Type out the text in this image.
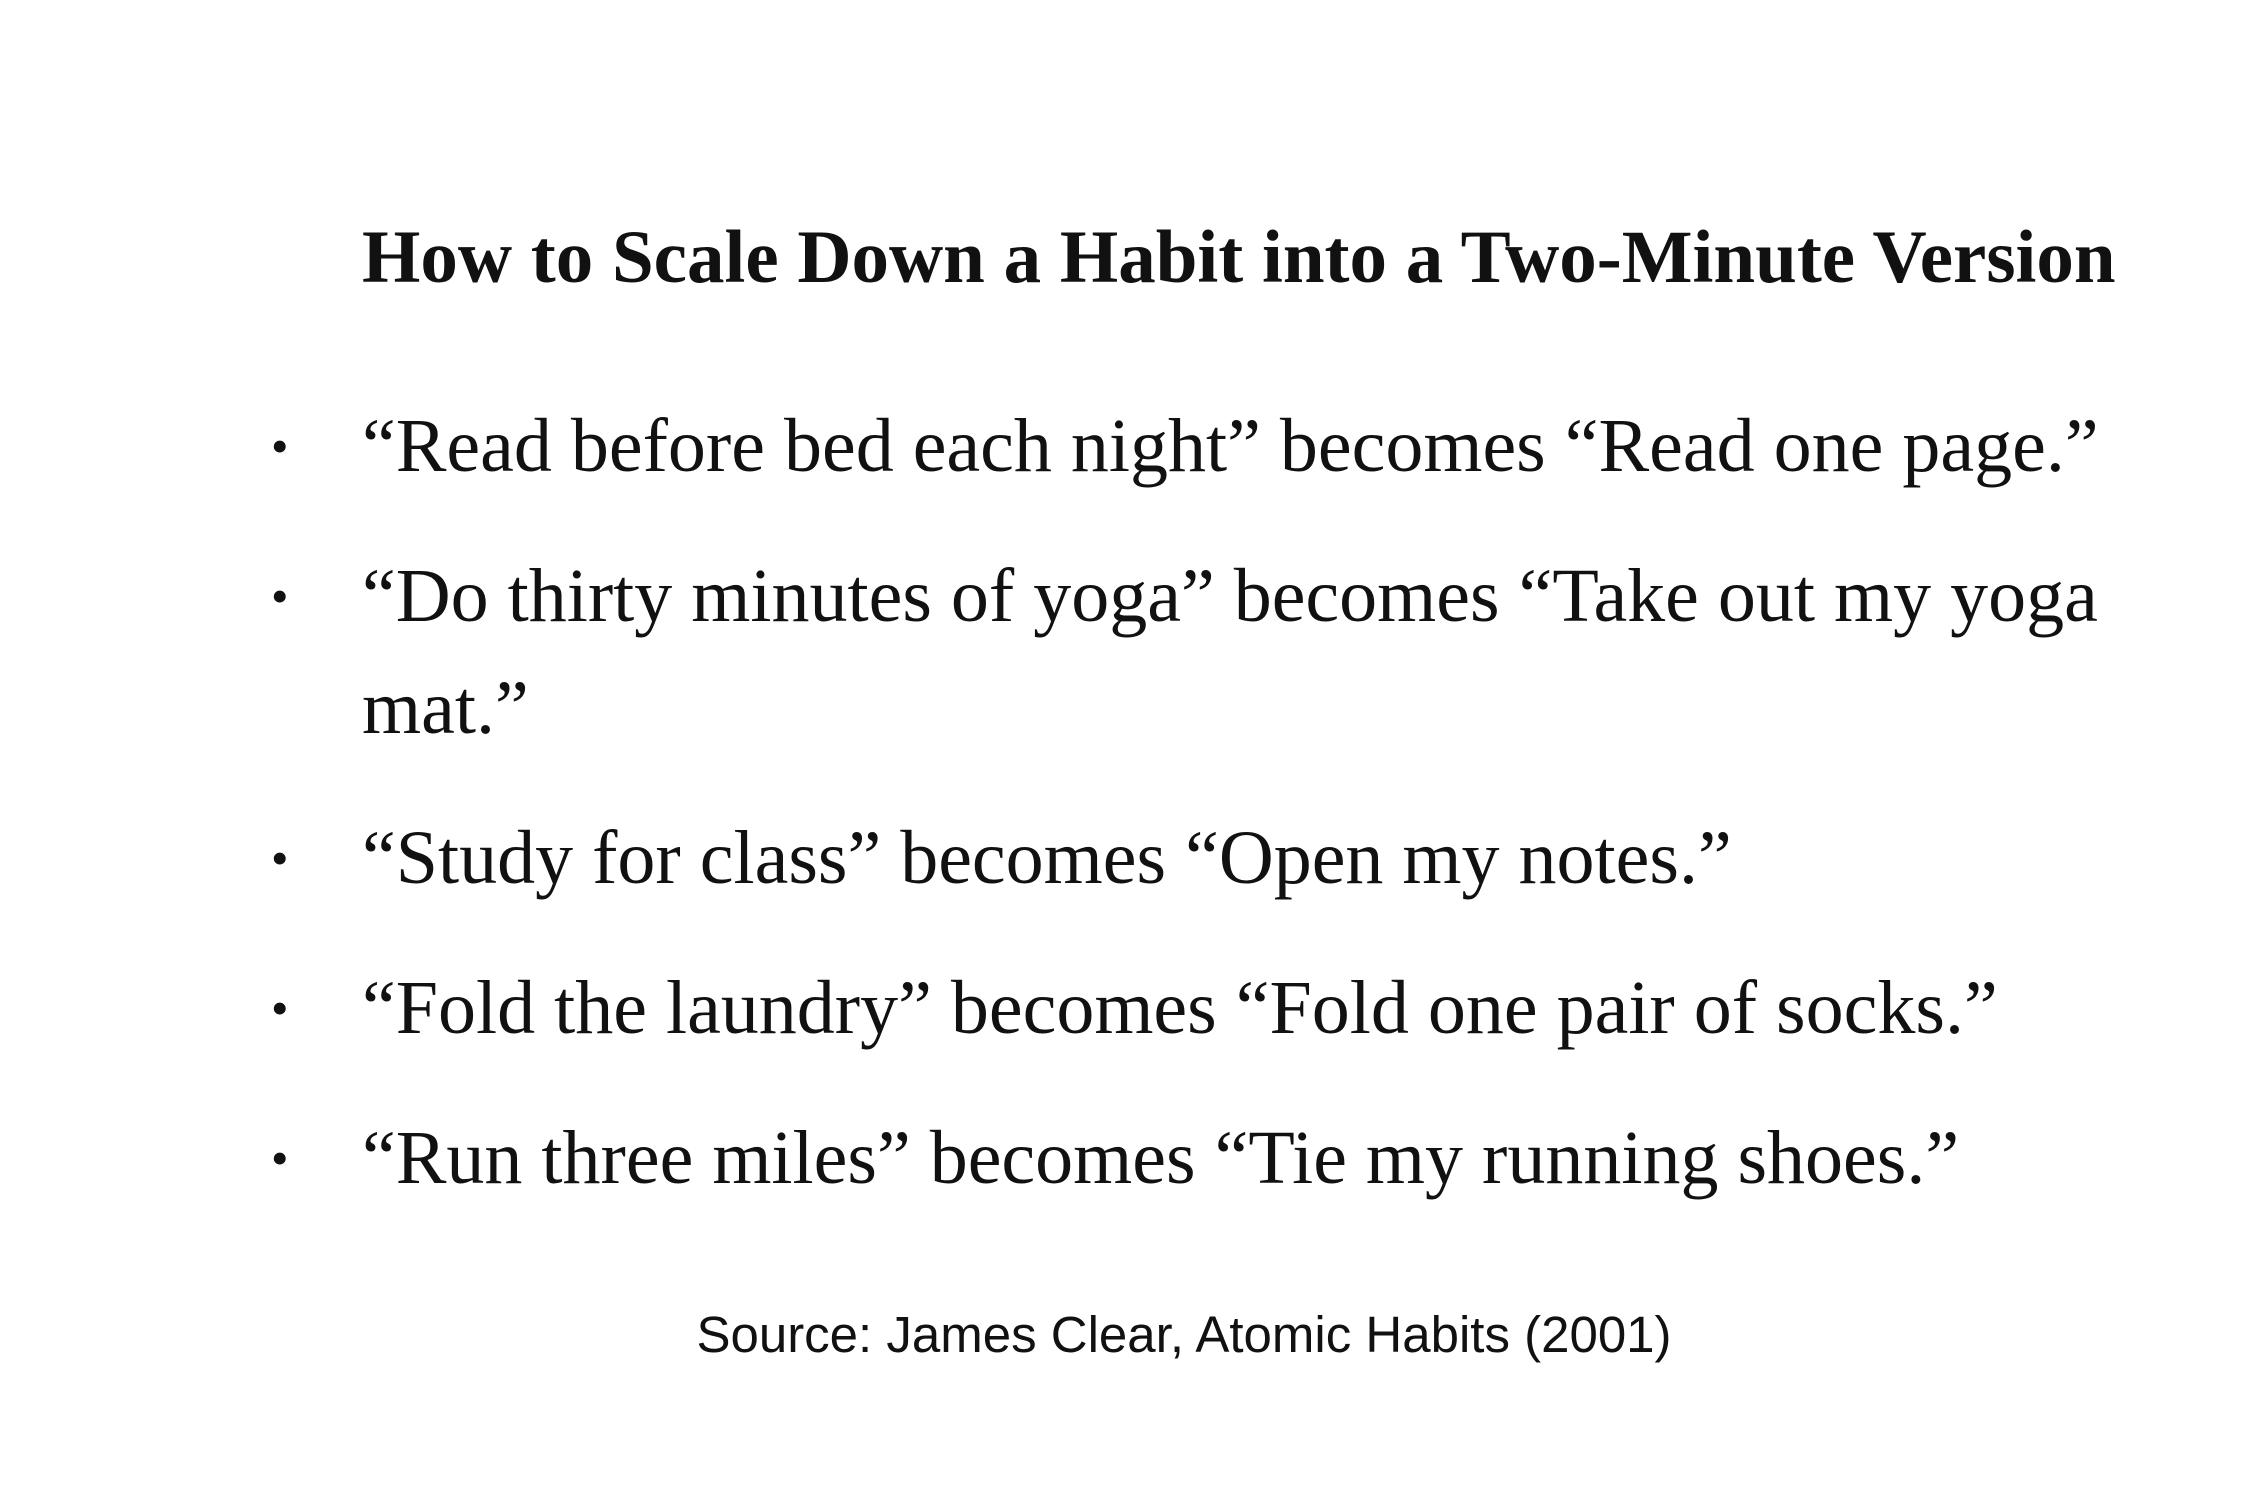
How to Scale Down a Habit into a Two-Minute Version
• “Read before bed each night” becomes “Read one page.”
• “Do thirty minutes of yoga” becomes “Take out my yoga mat.”
• “Study for class” becomes “Open my notes.”
• “Fold the laundry” becomes “Fold one pair of socks.”
• “Run three miles” becomes “Tie my running shoes.”
Source: James Clear, Atomic Habits (2001)
